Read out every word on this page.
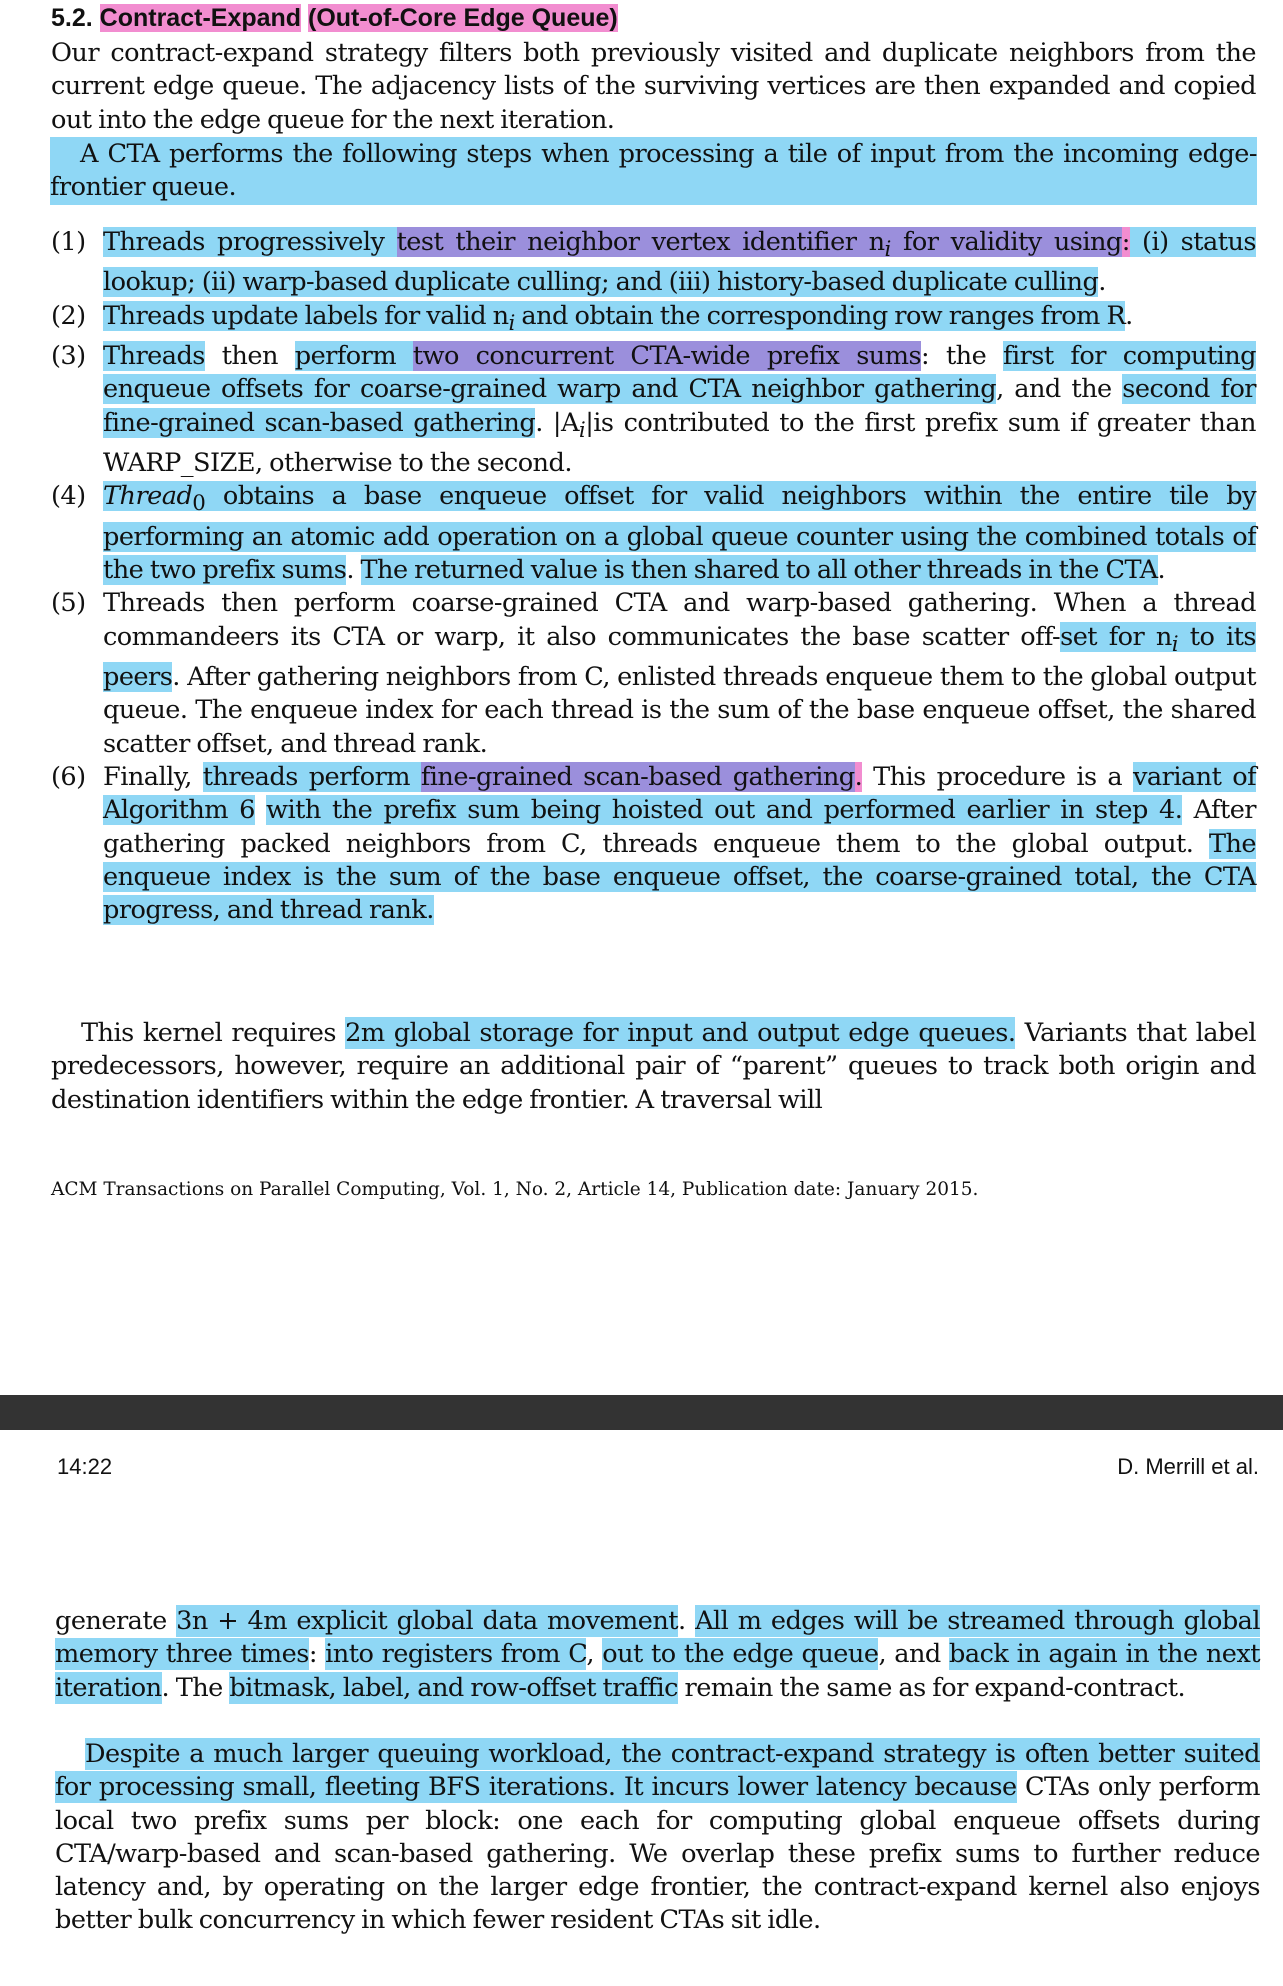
5.2. Contract-Expand (Out-of-Core Edge Queue)
Our contract-expand strategy filters both previously visited and duplicate neighbors from the current edge queue. The adjacency lists of the surviving vertices are then expanded and copied out into the edge queue for the next iteration.
A CTA performs the following steps when processing a tile of input from the incoming edge-frontier queue.
(1) Threads progressively test their neighbor vertex identifier $n_i$ for validity using: (i) status lookup; (ii) warp-based duplicate culling; and (iii) history-based duplicate culling.
(2) Threads update labels for valid $n_i$ and obtain the corresponding row ranges from R.
(3) Threads then perform two concurrent CTA-wide prefix sums: the first for computing enqueue offsets for coarse-grained warp and CTA neighbor gathering, and the second for fine-grained scan-based gathering. $|A_i|is$ contributed to the first prefix sum if greater than WARP_SIZE, otherwise to the second.
(4) Thread$_0$ obtains a base enqueue offset for valid neighbors within the entire tile by performing an atomic add operation on a global queue counter using the combined totals of the two prefix sums. The returned value is then shared to all other threads in the CTA.
(5) Threads then perform coarse-grained CTA and warp-based gathering. When a thread commandeers its CTA or warp, it also communicates the base scatter off-set for $n_i$ to its peers. After gathering neighbors from C, enlisted threads enqueue them to the global output queue. The enqueue index for each thread is the sum of the base enqueue offset, the shared scatter offset, and thread rank.
(6) Finally, threads perform fine-grained scan-based gathering. This procedure is a variant of Algorithm 6 with the prefix sum being hoisted out and performed earlier in step 4. After gathering packed neighbors from C, threads enqueue them to the global output. The enqueue index is the sum of the base enqueue offset, the coarse-grained total, the CTA progress, and thread rank.
This kernel requires 2m global storage for input and output edge queues. Variants that label predecessors, however, require an additional pair of “parent” queues to track both origin and destination identifiers within the edge frontier. A traversal will
ACM Transactions on Parallel Computing, Vol. 1, No. 2, Article 14, Publication date: January 2015.
14:22	D. Merrill et al.
generate 3n + 4m explicit global data movement. All m edges will be streamed through global memory three times: into registers from C, out to the edge queue, and back in again in the next iteration. The bitmask, label, and row-offset traffic remain the same as for expand-contract.
Despite a much larger queuing workload, the contract-expand strategy is often better suited for processing small, fleeting BFS iterations. It incurs lower latency because CTAs only perform local two prefix sums per block: one each for computing global enqueue offsets during CTA/warp-based and scan-based gathering. We overlap these prefix sums to further reduce latency and, by operating on the larger edge frontier, the contract-expand kernel also enjoys better bulk concurrency in which fewer resident CTAs sit idle.
